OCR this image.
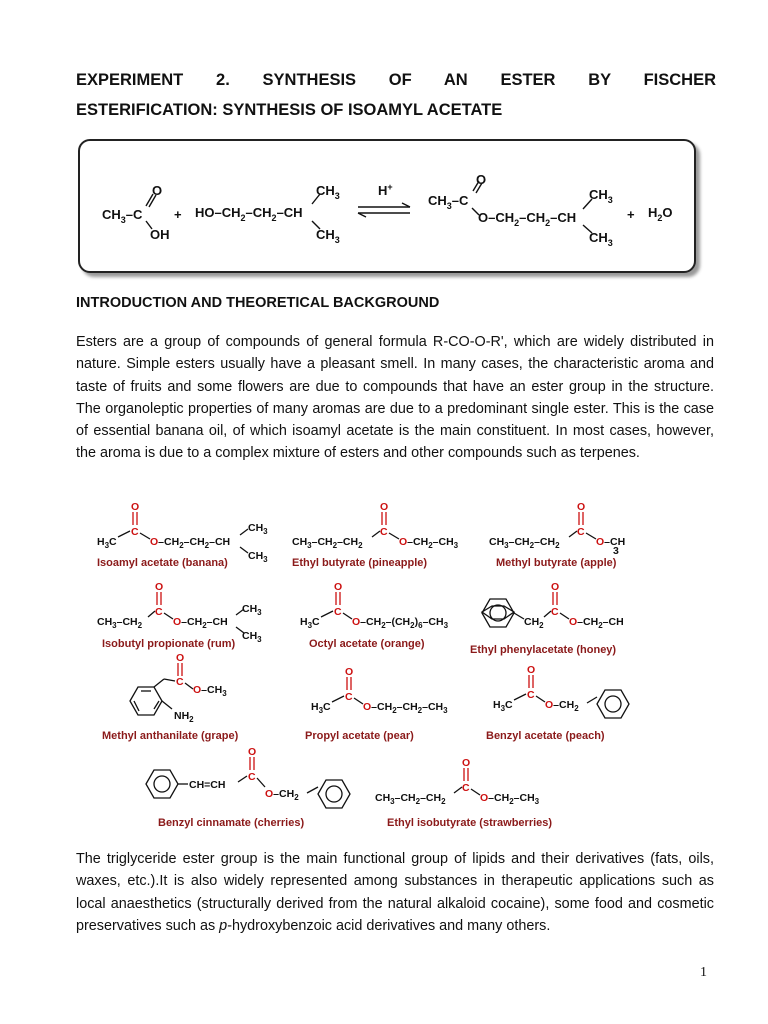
EXPERIMENT 2. SYNTHESIS OF AN ESTER BY FISCHER
ESTERIFICATION: SYNTHESIS OF ISOAMYL ACETATE
$CH_3-C$
O
OH
+ $HO-CH_2-CH_2-CH$
$CH_3$
$CH_3$
H+
$CH_3-C$
O
$O-CH_2-CH_2-CH$
$CH_3$
$CH_3$
+ $H_2O$
INTRODUCTION AND THEORETICAL BACKGROUND

Esters are a group of compounds of general formula R-CO-O-R', which are widely distributed in nature. Simple esters usually have a pleasant smell. In many cases, the characteristic aroma and taste of fruits and some flowers are due to compounds that have an ester group in the structure. The organoleptic properties of many aromas are due to a predominant single ester. This is the case of essential banana oil, of which isoamyl acetate is the main constituent. In most cases, however, the aroma is due to a complex mixture of esters and other compounds such as terpenes.

$H_3C$
C
O
$O-CH_2-CH_2-CH$
$CH_3$
$CH_3$
Isoamyl acetate (banana)
$CH_3-CH_2-CH_2$
C
O
$O-CH_2-CH_3$
Ethyl butyrate (pineapple)
$CH_3-CH_2-CH_2$
C
O
O–CH
3
Methyl butyrate (apple)
$CH_3-CH_2$
C
O
$O-CH_2-CH$
$CH_3$
$CH_3$
Isobutyl propionate (rum)
$H_3C$
C
O
$O-CH_2-(CH_2)_6-CH_3$
Octyl acetate (orange)
$CH_2$
C
O
$O-CH_2-CH$
Ethyl phenylacetate (honey)
C
O
$O-CH_3$
$NH_2$
Methyl anthanilate (grape)
$H_3C$
C
O
$O-CH_2-CH_2-CH_3$
Propyl acetate (pear)
$H_3C$
C
O
$O-CH_2$
Benzyl acetate (peach)
CH=CH
C
O
$O-CH_2$
Benzyl cinnamate (cherries)
$CH_3-CH_2-CH_2$
C
O
$O-CH_2-CH_3$
Ethyl isobutyrate (strawberries)

The triglyceride ester group is the main functional group of lipids and their derivatives (fats, oils, waxes, etc.).It is also widely represented among substances in therapeutic applications such as local anaesthetics (structurally derived from the natural alkaloid cocaine), some food and cosmetic preservatives such as p-hydroxybenzoic acid derivatives and many others.

1
